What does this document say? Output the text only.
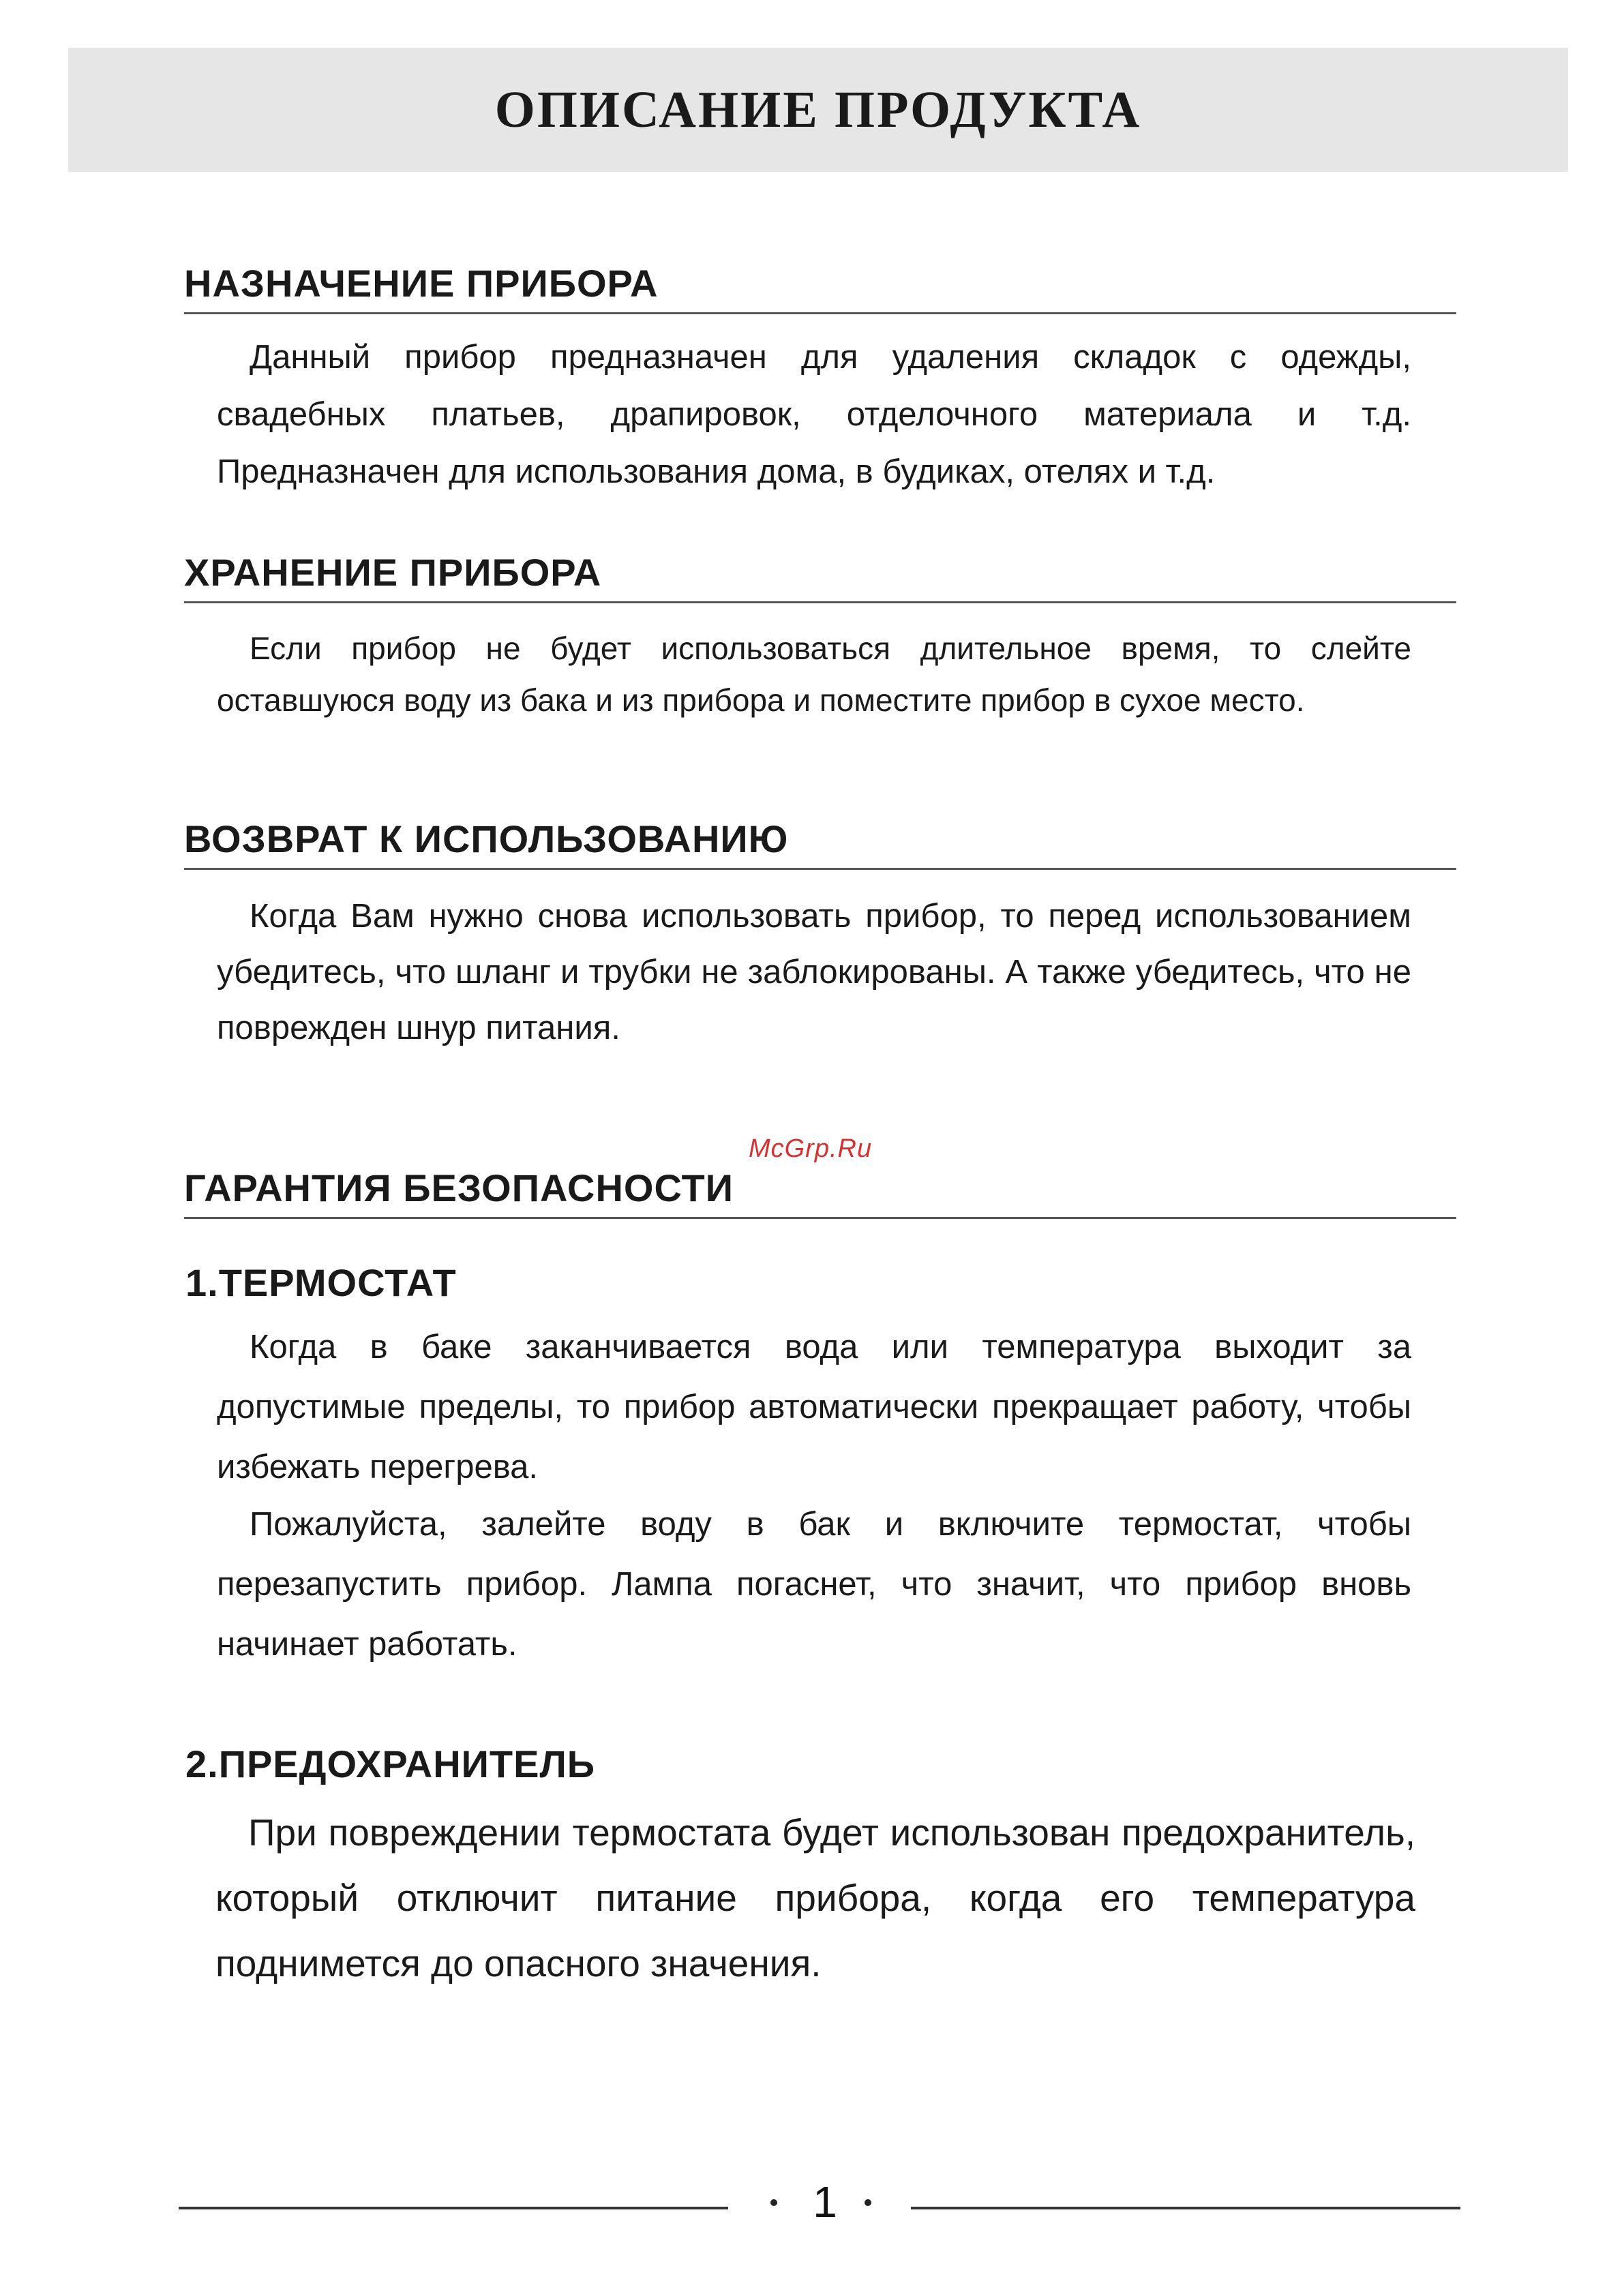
ОПИСАНИЕ ПРОДУКТА
НАЗНАЧЕНИЕ ПРИБОРА

Данный прибор предназначен для удаления складок с одежды, свадебных платьев, драпировок, отделочного материала и т.д. Предназначен для использования дома, в будиках, отелях и т.д.

ХРАНЕНИЕ ПРИБОРА

Если прибор не будет использоваться длительное время, то слейте оставшуюся воду из бака и из прибора и поместите прибор в сухое место.

ВОЗВРАТ К ИСПОЛЬЗОВАНИЮ

Когда Вам нужно снова использовать прибор, то перед использованием убедитесь, что шланг и трубки не заблокированы. А также убедитесь, что не поврежден шнур питания.

McGrp.Ru
ГАРАНТИЯ БЕЗОПАСНОСТИ
1.ТЕРМОСТАТ

Когда в баке заканчивается вода или температура выходит за допустимые пределы, то прибор автоматически прекращает работу, чтобы избежать перегрева.

Пожалуйста, залейте воду в бак и включите термостат, чтобы перезапустить прибор. Лампа погаснет, что значит, что прибор вновь начинает работать.

2.ПРЕДОХРАНИТЕЛЬ

При повреждении термостата будет использован предохранитель, который отключит питание прибора, когда его температура поднимется до опасного значения.

1
